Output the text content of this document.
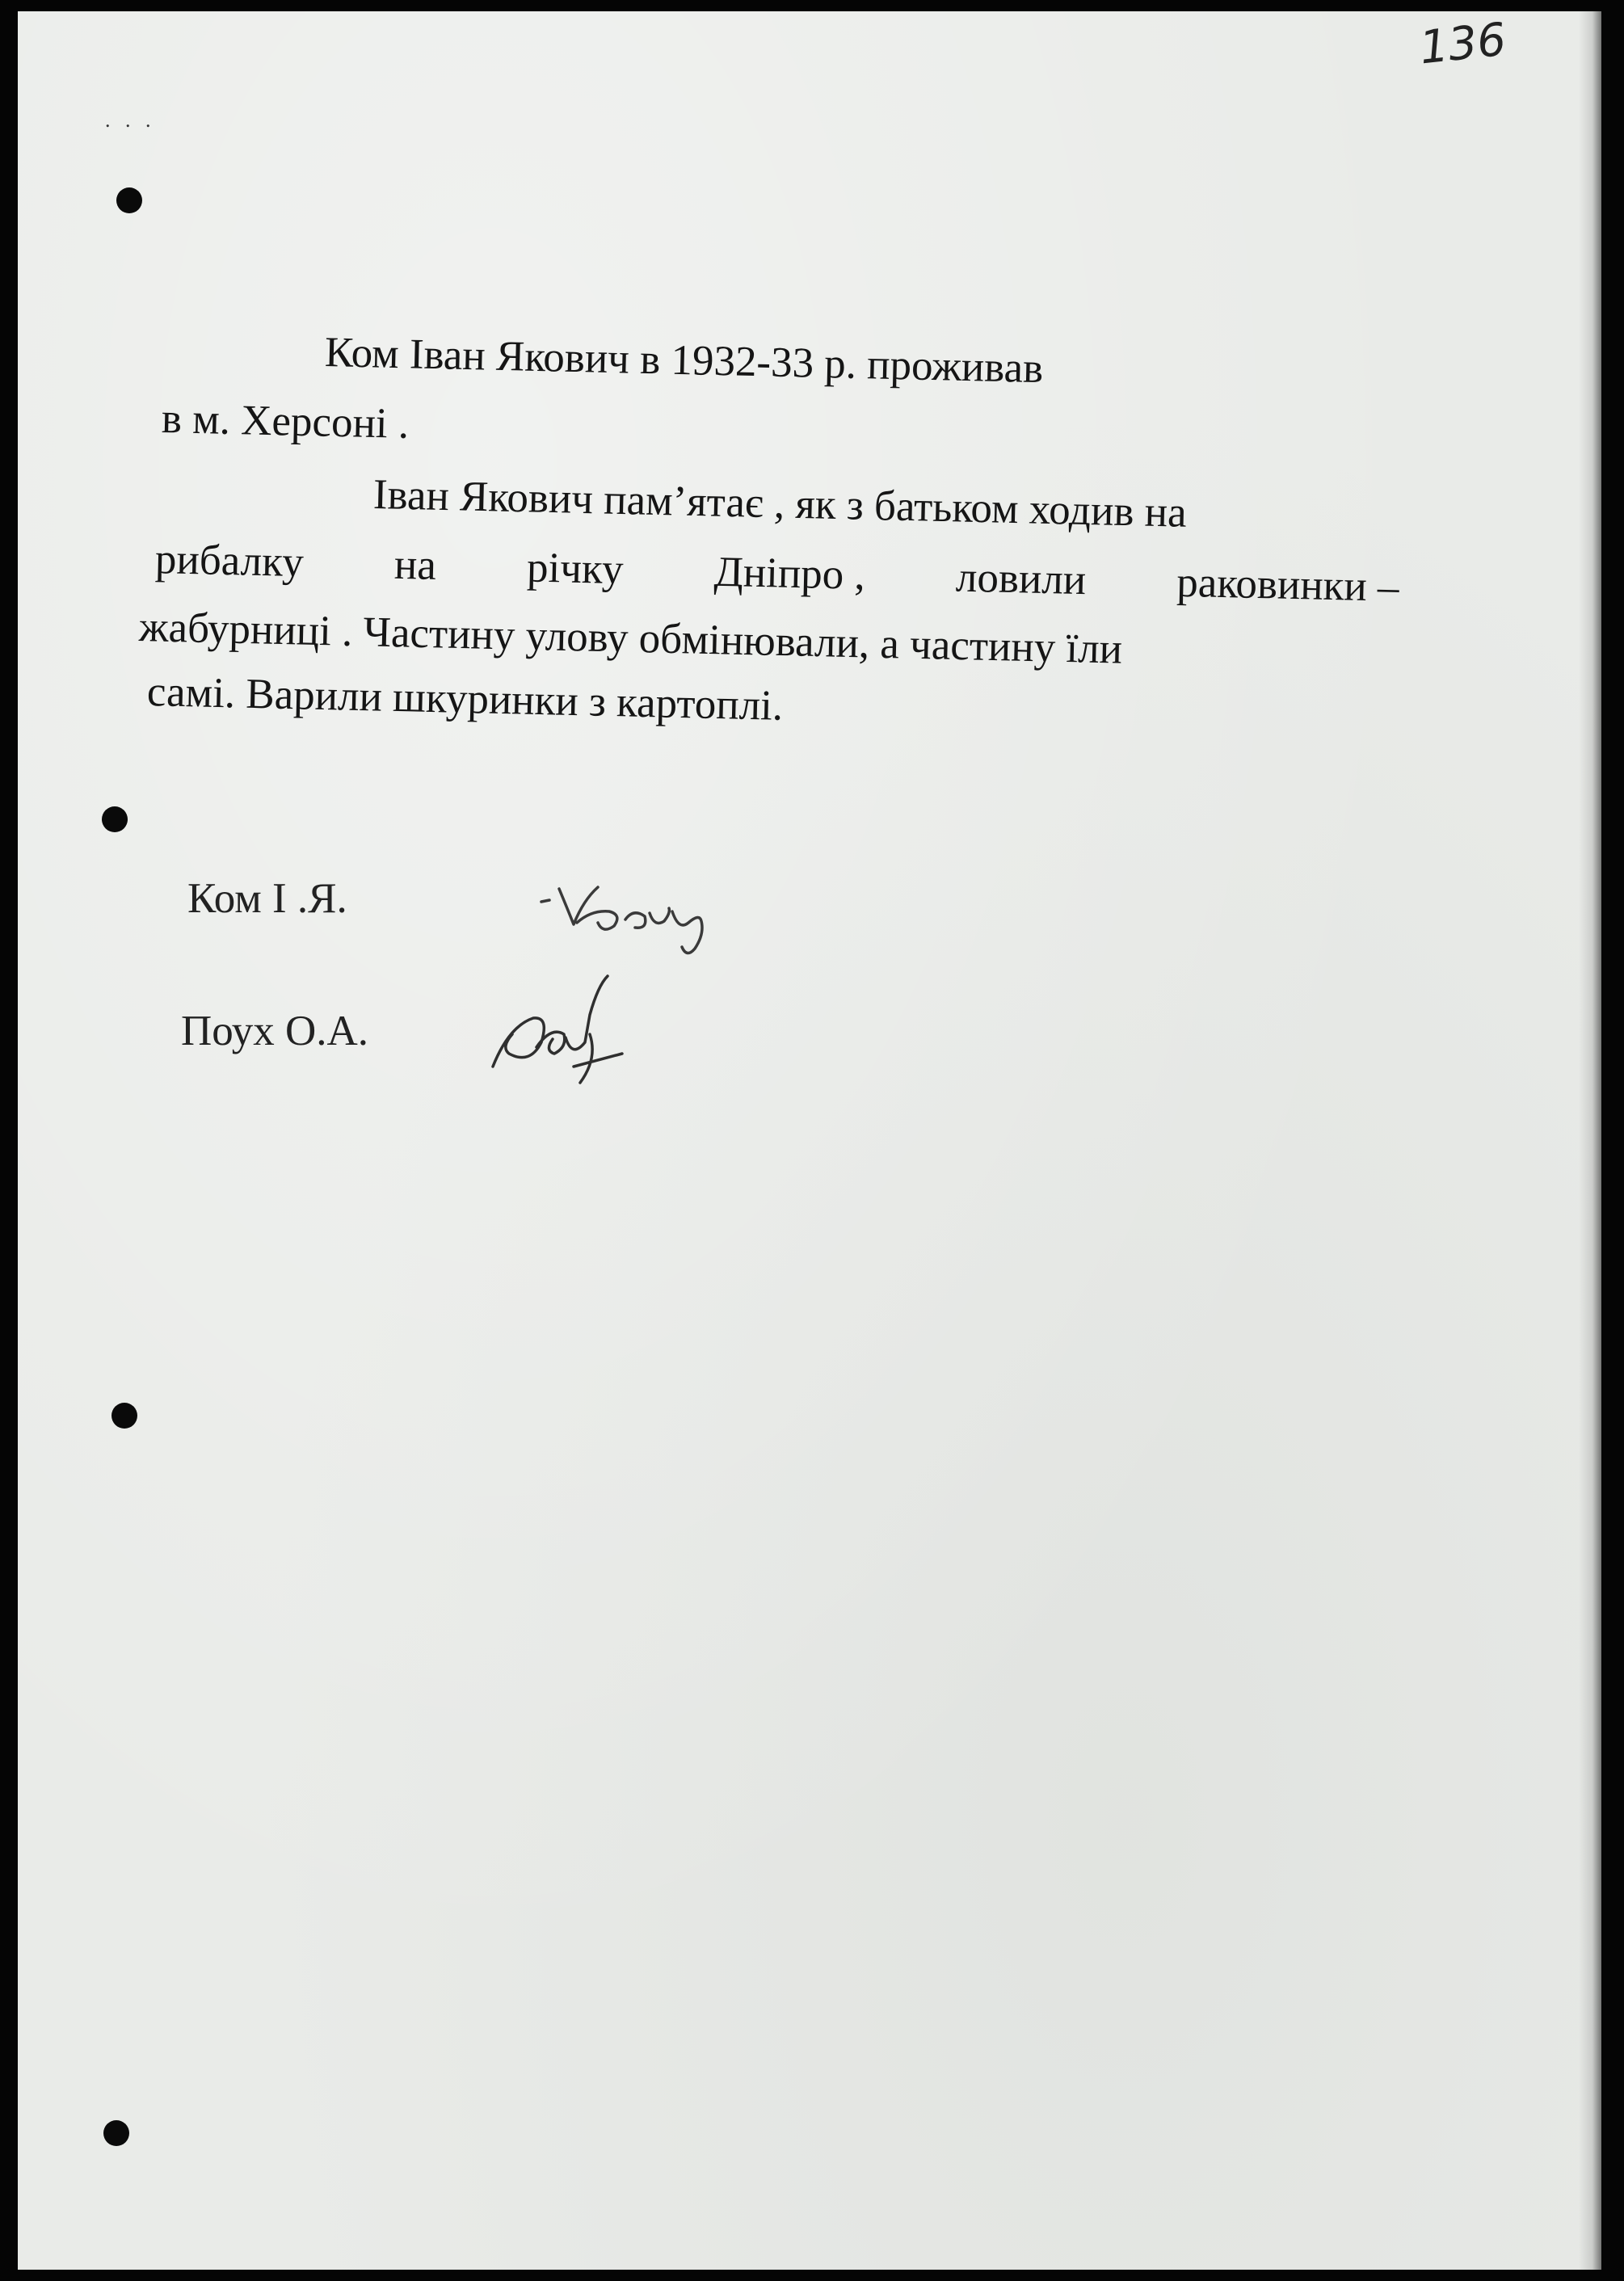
. . .
136

Ком Іван Якович в 1932-33 р. проживав

в м. Херсоні .

Іван Якович пам’ятає , як з батьком ходив на

рибалку на річку Дніпро , ловили раковинки –

жабурниці . Частину улову обмінювали, а частину їли

самі. Варили шкуринки з картоплі.

Ком І .Я.

Поух О.А.
